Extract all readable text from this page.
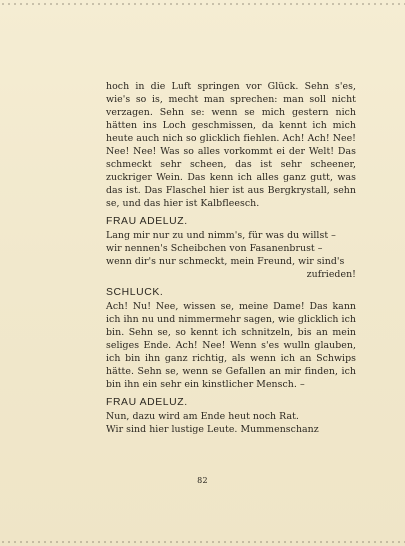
hoch in die Luft springen vor Glück. Sehn s'es, wie's so is, mecht man sprechen: man soll nicht verzagen. Sehn se: wenn se mich gestern nich hätten ins Loch geschmissen, da kennt ich mich heute auch nich so glicklich fiehlen. Ach! Ach! Nee! Nee! Nee! Was so alles vorkommt ei der Welt! Das schmeckt sehr scheen, das ist sehr scheener, zuckriger Wein. Das kenn ich alles ganz gutt, was das ist. Das Flaschel hier ist aus Bergkrystall, sehn se, und das hier ist Kalbfleesch.

FRAU ADELUZ.
Lang mir nur zu und nimm's, für was du willst –
wir nennen's Scheibchen von Fasanenbrust –
wenn dir's nur schmeckt, mein Freund, wir sind's
zufrieden!
SCHLUCK.

Ach! Nu! Nee, wissen se, meine Dame! Das kann ich ihn nu und nimmermehr sagen, wie glicklich ich bin. Sehn se, so kennt ich schnitzeln, bis an mein seliges Ende. Ach! Nee! Wenn s'es wulln glauben, ich bin ihn ganz richtig, als wenn ich an Schwips hätte. Sehn se, wenn se Gefallen an mir finden, ich bin ihn ein sehr ein kinstlicher Mensch. –

FRAU ADELUZ.
Nun, dazu wird am Ende heut noch Rat.
Wir sind hier lustige Leute. Mummenschanz
82
